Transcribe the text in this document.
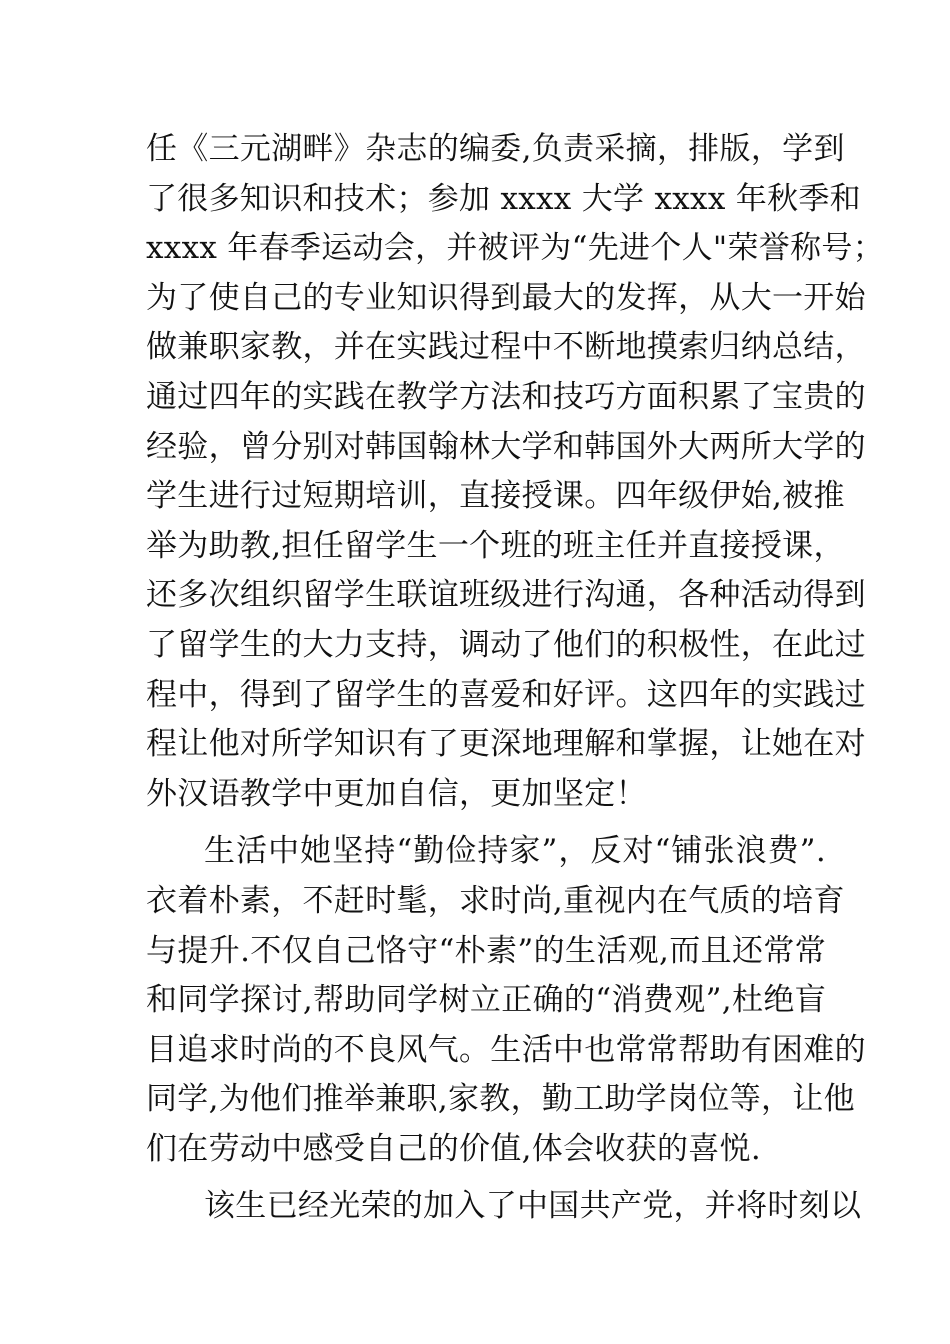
任《三元湖畔》杂志的编委,负责采摘，排版，学到
了很多知识和技术；参加 xxxx 大学 xxxx 年秋季和
xxxx 年春季运动会，并被评为“先进个人"荣誉称号；
为了使自己的专业知识得到最大的发挥，从大一开始
做兼职家教，并在实践过程中不断地摸索归纳总结，
通过四年的实践在教学方法和技巧方面积累了宝贵的
经验，曾分别对韩国翰林大学和韩国外大两所大学的
学生进行过短期培训，直接授课。四年级伊始,被推
举为助教,担任留学生一个班的班主任并直接授课，
还多次组织留学生联谊班级进行沟通，各种活动得到
了留学生的大力支持，调动了他们的积极性，在此过
程中，得到了留学生的喜爱和好评。这四年的实践过
程让他对所学知识有了更深地理解和掌握，让她在对
外汉语教学中更加自信，更加坚定！
生活中她坚持“勤俭持家”，反对“铺张浪费”.
衣着朴素，不赶时髦，求时尚,重视内在气质的培育
与提升.不仅自己恪守“朴素”的生活观,而且还常常
和同学探讨,帮助同学树立正确的“消费观”,杜绝盲
目追求时尚的不良风气。生活中也常常帮助有困难的
同学,为他们推举兼职,家教，勤工助学岗位等，让他
们在劳动中感受自己的价值,体会收获的喜悦.
该生已经光荣的加入了中国共产党，并将时刻以
